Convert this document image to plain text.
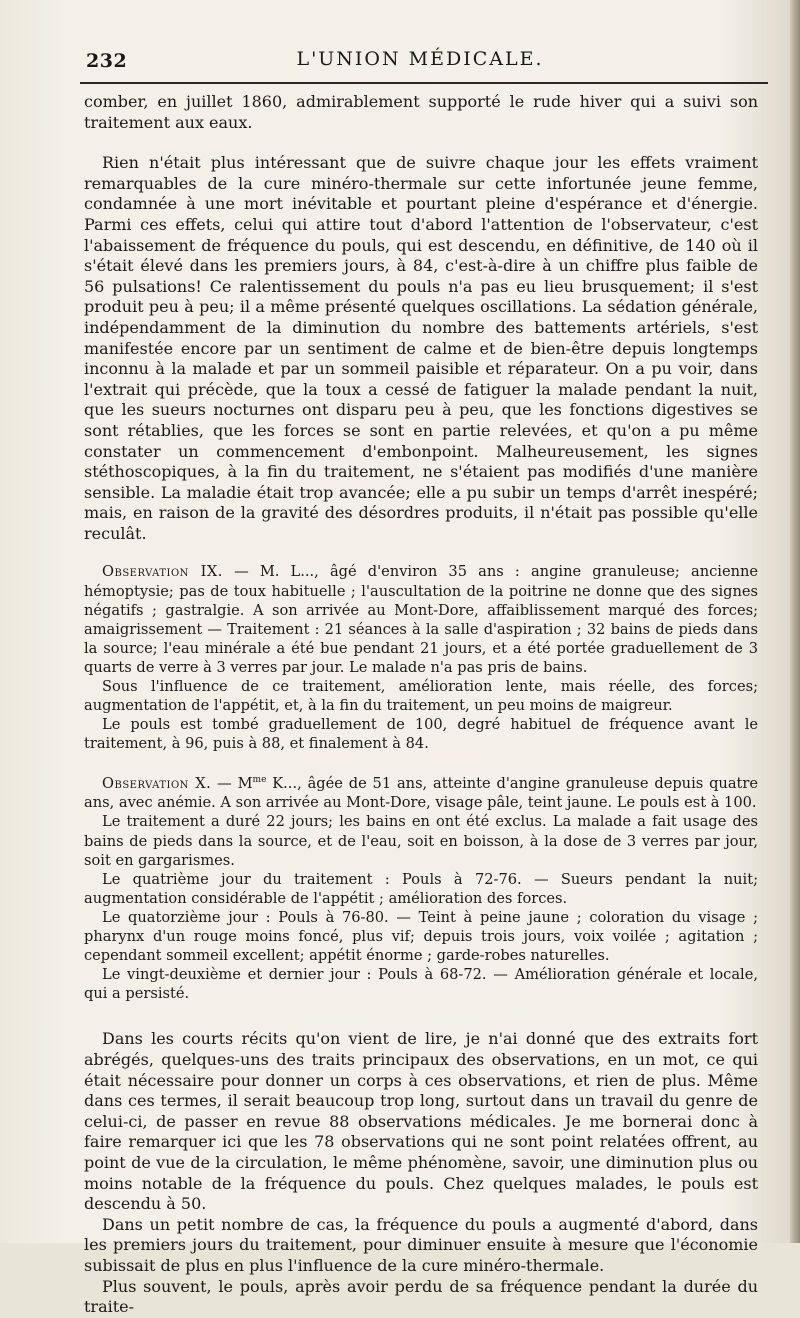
232	L'UNION MÉDICALE.

comber, en juillet 1860, admirablement supporté le rude hiver qui a suivi son traitement aux eaux.

Rien n'était plus intéressant que de suivre chaque jour les effets vraiment remarquables de la cure minéro-thermale sur cette infortunée jeune femme, condamnée à une mort inévitable et pourtant pleine d'espérance et d'énergie. Parmi ces effets, celui qui attire tout d'abord l'attention de l'observateur, c'est l'abaissement de fréquence du pouls, qui est descendu, en définitive, de 140 où il s'était élevé dans les premiers jours, à 84, c'est-à-dire à un chiffre plus faible de 56 pulsations! Ce ralentissement du pouls n'a pas eu lieu brusquement; il s'est produit peu à peu; il a même présenté quelques oscillations. La sédation générale, indépendamment de la diminution du nombre des battements artériels, s'est manifestée encore par un sentiment de calme et de bien-être depuis longtemps inconnu à la malade et par un sommeil paisible et réparateur. On a pu voir, dans l'extrait qui précède, que la toux a cessé de fatiguer la malade pendant la nuit, que les sueurs nocturnes ont disparu peu à peu, que les fonctions digestives se sont rétablies, que les forces se sont en partie relevées, et qu'on a pu même constater un commencement d'embonpoint. Malheureusement, les signes stéthoscopiques, à la fin du traitement, ne s'étaient pas modifiés d'une manière sensible. La maladie était trop avancée; elle a pu subir un temps d'arrêt inespéré; mais, en raison de la gravité des désordres produits, il n'était pas possible qu'elle reculât.

Observation IX. — M. L..., âgé d'environ 35 ans : angine granuleuse; ancienne hémoptysie; pas de toux habituelle ; l'auscultation de la poitrine ne donne que des signes négatifs ; gastralgie. A son arrivée au Mont-Dore, affaiblissement marqué des forces; amaigrissement — Traitement : 21 séances à la salle d'aspiration ; 32 bains de pieds dans la source; l'eau minérale a été bue pendant 21 jours, et a été portée graduellement de 3 quarts de verre à 3 verres par jour. Le malade n'a pas pris de bains.

Sous l'influence de ce traitement, amélioration lente, mais réelle, des forces; augmentation de l'appétit, et, à la fin du traitement, un peu moins de maigreur.

Le pouls est tombé graduellement de 100, degré habituel de fréquence avant le traitement, à 96, puis à 88, et finalement à 84.

Observation X. — $M^{me}$ K..., âgée de 51 ans, atteinte d'angine granuleuse depuis quatre ans, avec anémie. A son arrivée au Mont-Dore, visage pâle, teint jaune. Le pouls est à 100.

Le traitement a duré 22 jours; les bains en ont été exclus. La malade a fait usage des bains de pieds dans la source, et de l'eau, soit en boisson, à la dose de 3 verres par jour, soit en gargarismes.

Le quatrième jour du traitement : Pouls à 72-76. — Sueurs pendant la nuit; augmentation considérable de l'appétit ; amélioration des forces.

Le quatorzième jour : Pouls à 76-80. — Teint à peine jaune ; coloration du visage ; pharynx d'un rouge moins foncé, plus vif; depuis trois jours, voix voilée ; agitation ; cependant sommeil excellent; appétit énorme ; garde-robes naturelles.

Le vingt-deuxième et dernier jour : Pouls à 68-72. — Amélioration générale et locale, qui a persisté.

Dans les courts récits qu'on vient de lire, je n'ai donné que des extraits fort abrégés, quelques-uns des traits principaux des observations, en un mot, ce qui était nécessaire pour donner un corps à ces observations, et rien de plus. Même dans ces termes, il serait beaucoup trop long, surtout dans un travail du genre de celui-ci, de passer en revue 88 observations médicales. Je me bornerai donc à faire remarquer ici que les 78 observations qui ne sont point relatées offrent, au point de vue de la circulation, le même phénomène, savoir, une diminution plus ou moins notable de la fréquence du pouls. Chez quelques malades, le pouls est descendu à 50.

Dans un petit nombre de cas, la fréquence du pouls a augmenté d'abord, dans les premiers jours du traitement, pour diminuer ensuite à mesure que l'économie subissait de plus en plus l'influence de la cure minéro-thermale.

Plus souvent, le pouls, après avoir perdu de sa fréquence pendant la durée du traite-
